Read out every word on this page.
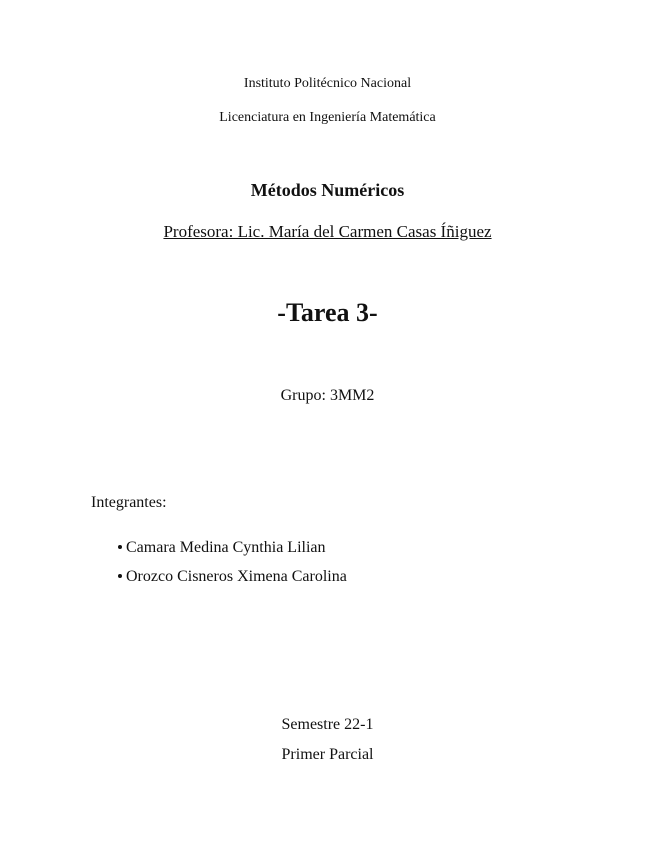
Instituto Politécnico Nacional
Licenciatura en Ingeniería Matemática
Métodos Numéricos
Profesora: Lic. María del Carmen Casas Íñiguez
-Tarea 3-
Grupo: 3MM2
Integrantes:
Camara Medina Cynthia Lilian
Orozco Cisneros Ximena Carolina
Semestre 22-1
Primer Parcial
